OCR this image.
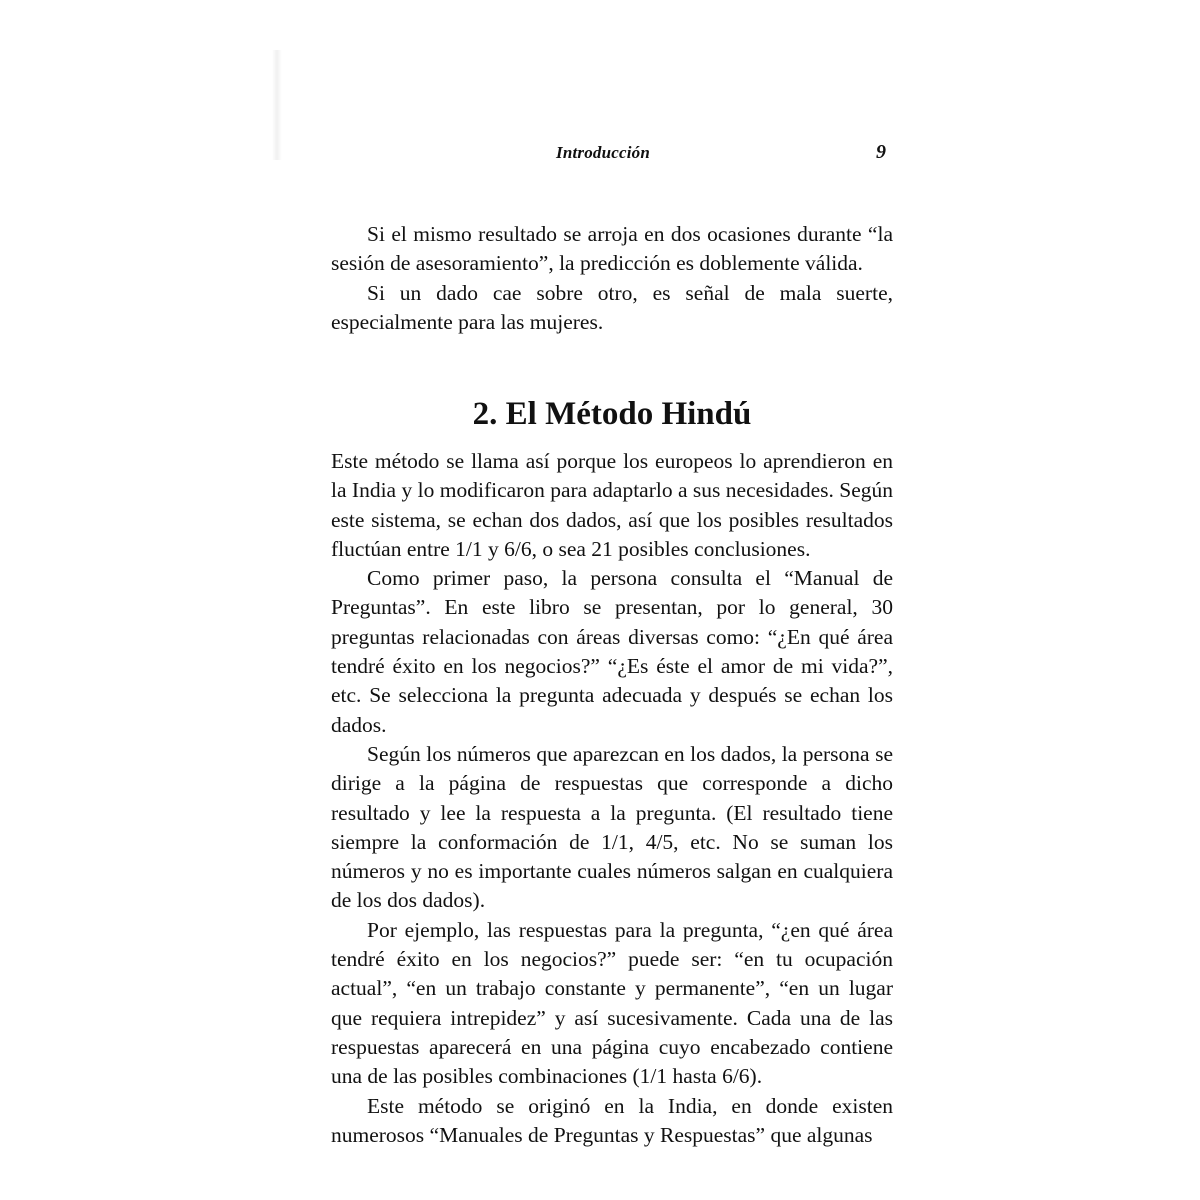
Introducción	9

Si el mismo resultado se arroja en dos ocasiones durante “la sesión de asesoramiento”, la predicción es doblemente válida.

Si un dado cae sobre otro, es señal de mala suerte, especialmente para las mujeres.

2. El Método Hindú

Este método se llama así porque los europeos lo aprendieron en la India y lo modificaron para adaptarlo a sus necesidades. Según este sistema, se echan dos dados, así que los posibles resultados fluctúan entre 1/1 y 6/6, o sea 21 posibles conclusiones.

Como primer paso, la persona consulta el “Manual de Preguntas”. En este libro se presentan, por lo general, 30 preguntas relacionadas con áreas diversas como: “¿En qué área tendré éxito en los negocios?” “¿Es éste el amor de mi vida?”, etc. Se selecciona la pregunta adecuada y después se echan los dados.

Según los números que aparezcan en los dados, la persona se dirige a la página de respuestas que corresponde a dicho resultado y lee la respuesta a la pregunta. (El resultado tiene siempre la conformación de 1/1, 4/5, etc. No se suman los números y no es importante cuales números salgan en cualquiera de los dos dados).

Por ejemplo, las respuestas para la pregunta, “¿en qué área tendré éxito en los negocios?” puede ser: “en tu ocupación actual”, “en un trabajo constante y permanente”, “en un lugar que requiera intrepidez” y así sucesivamente. Cada una de las respuestas aparecerá en una página cuyo encabezado contiene una de las posibles combinaciones (1/1 hasta 6/6).

Este método se originó en la India, en donde existen numerosos “Manuales de Preguntas y Respuestas” que algunas
